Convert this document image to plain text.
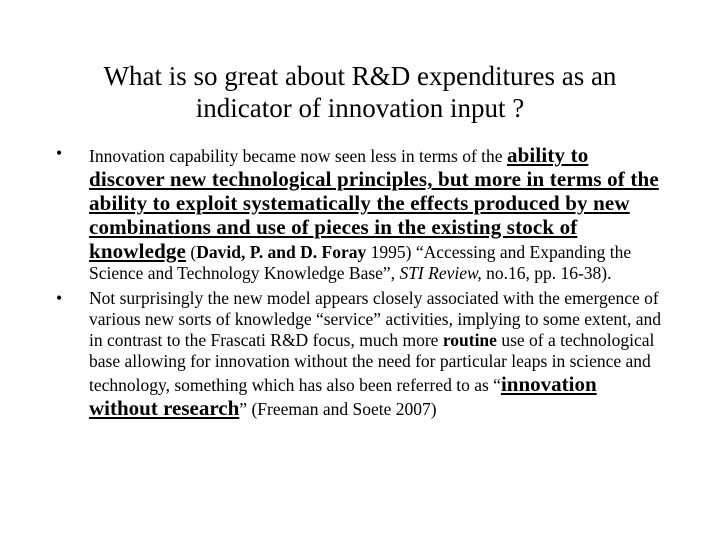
What is so great about R&D expenditures as an
indicator of innovation input ?
•	Innovation capability became now seen less in terms of the ability to discover new technological principles, but more in terms of the ability to exploit systematically the effects produced by new combinations and use of pieces in the existing stock of knowledge (David, P. and D. Foray 1995) “Accessing and Expanding the Science and Technology Knowledge Base”, STI Review, no.16, pp. 16-38).
•	Not surprisingly the new model appears closely associated with the emergence of various new sorts of knowledge “service” activities, implying to some extent, and in contrast to the Frascati R&D focus, much more routine use of a technological base allowing for innovation without the need for particular leaps in science and technology, something which has also been referred to as “innovation without research” (Freeman and Soete 2007)
